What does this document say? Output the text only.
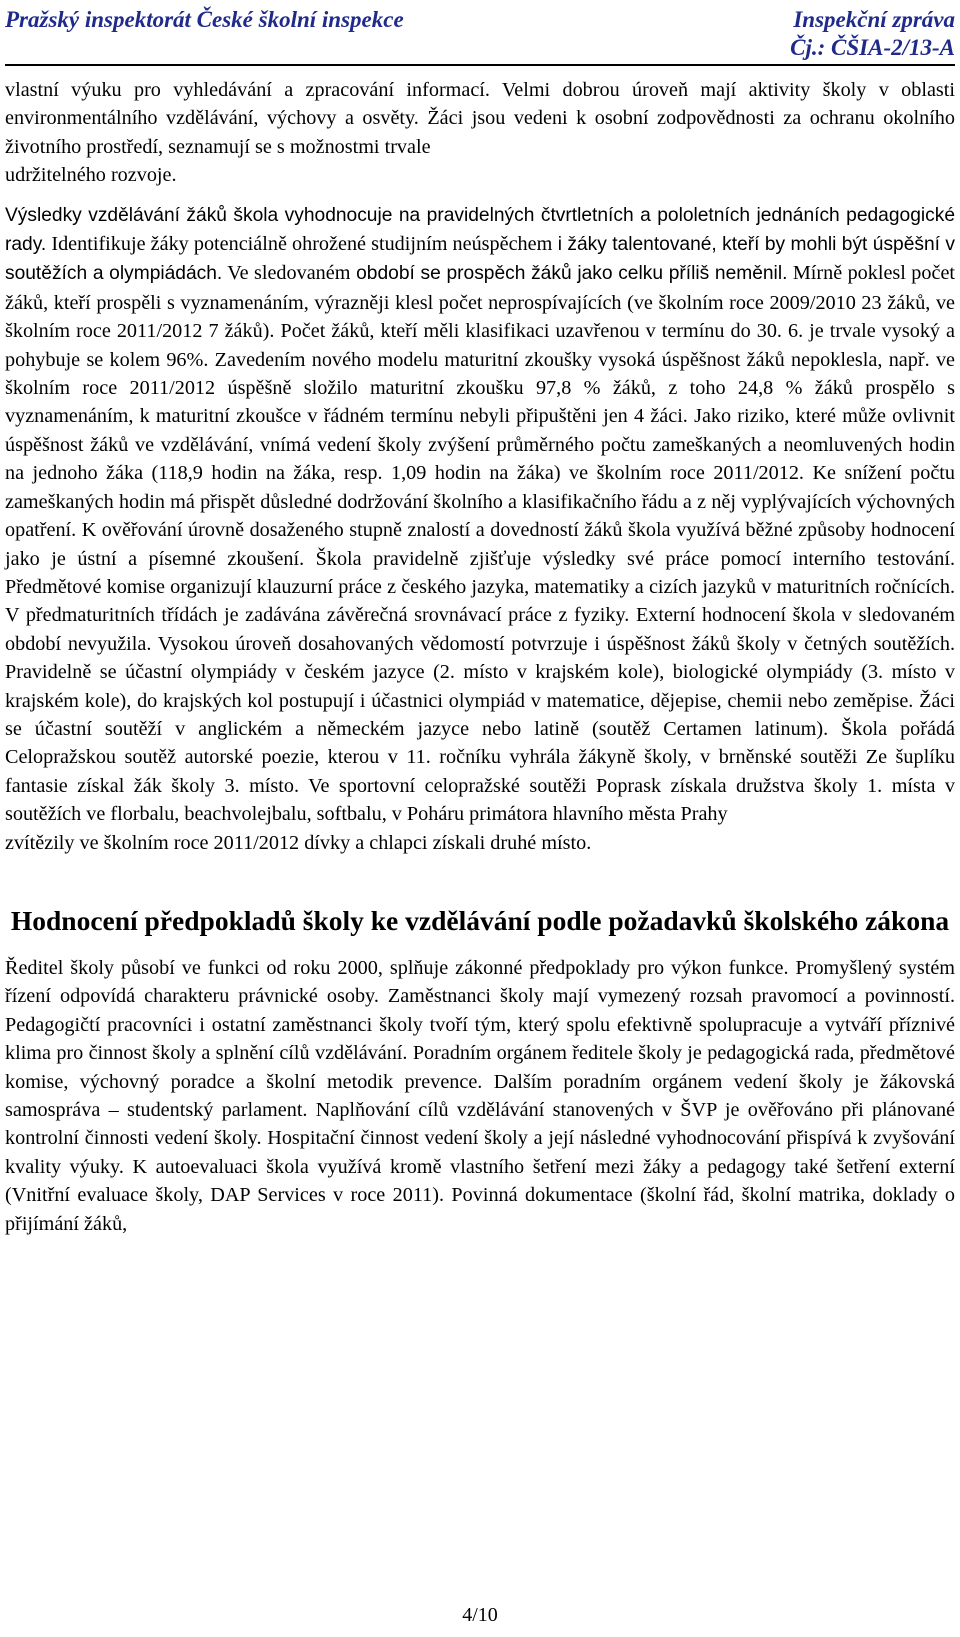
Pražský inspektorát České školní inspekce	Inspekční zpráva
Čj.: ČŠIA-2/13-A

vlastní výuku pro vyhledávání a zpracování informací. Velmi dobrou úroveň mají aktivity školy v oblasti environmentálního vzdělávání, výchovy a osvěty. Žáci jsou vedeni k osobní zodpovědnosti za ochranu okolního životního prostředí, seznamují se s možnostmi trvale
udržitelného rozvoje.

Výsledky vzdělávání žáků škola vyhodnocuje na pravidelných čtvrtletních a pololetních jednáních pedagogické rady. Identifikuje žáky potenciálně ohrožené studijním neúspěchem i žáky talentované, kteří by mohli být úspěšní v soutěžích a olympiádách. Ve sledovaném období se prospěch žáků jako celku příliš neměnil. Mírně poklesl počet žáků, kteří prospěli s vyznamenáním, výrazněji klesl počet neprospívajících (ve školním roce 2009/2010 23 žáků, ve školním roce 2011/2012 7 žáků). Počet žáků, kteří měli klasifikaci uzavřenou v termínu do 30. 6. je trvale vysoký a pohybuje se kolem 96%. Zavedením nového modelu maturitní zkoušky vysoká úspěšnost žáků nepoklesla, např. ve školním roce 2011/2012 úspěšně složilo maturitní zkoušku 97,8 % žáků, z toho 24,8 % žáků prospělo s vyznamenáním, k maturitní zkoušce v řádném termínu nebyli připuštěni jen 4 žáci. Jako riziko, které může ovlivnit úspěšnost žáků ve vzdělávání, vnímá vedení školy zvýšení průměrného počtu zameškaných a neomluvených hodin na jednoho žáka (118,9 hodin na žáka, resp. 1,09 hodin na žáka) ve školním roce 2011/2012. Ke snížení počtu zameškaných hodin má přispět důsledné dodržování školního a klasifikačního řádu a z něj vyplývajících výchovných opatření. K ověřování úrovně dosaženého stupně znalostí a dovedností žáků škola využívá běžné způsoby hodnocení jako je ústní a písemné zkoušení. Škola pravidelně zjišťuje výsledky své práce pomocí interního testování. Předmětové komise organizují klauzurní práce z českého jazyka, matematiky a cizích jazyků v maturitních ročnících. V předmaturitních třídách je zadávána závěrečná srovnávací práce z fyziky. Externí hodnocení škola v sledovaném období nevyužila. Vysokou úroveň dosahovaných vědomostí potvrzuje i úspěšnost žáků školy v četných soutěžích. Pravidelně se účastní olympiády v českém jazyce (2. místo v krajském kole), biologické olympiády (3. místo v krajském kole), do krajských kol postupují i účastnici olympiád v matematice, dějepise, chemii nebo zeměpise. Žáci se účastní soutěží v anglickém a německém jazyce nebo latině (soutěž Certamen latinum). Škola pořádá Celopražskou soutěž autorské poezie, kterou v 11. ročníku vyhrála žákyně školy, v brněnské soutěži Ze šuplíku fantasie získal žák školy 3. místo. Ve sportovní celopražské soutěži Poprask získala družstva školy 1. místa v soutěžích ve florbalu, beachvolejbalu, softbalu, v Poháru primátora hlavního města Prahy
zvítězily ve školním roce 2011/2012 dívky a chlapci získali druhé místo.

Hodnocení předpokladů školy ke vzdělávání podle požadavků školského zákona

Ředitel školy působí ve funkci od roku 2000, splňuje zákonné předpoklady pro výkon funkce. Promyšlený systém řízení odpovídá charakteru právnické osoby. Zaměstnanci školy mají vymezený rozsah pravomocí a povinností. Pedagogičtí pracovníci i ostatní zaměstnanci školy tvoří tým, který spolu efektivně spolupracuje a vytváří příznivé klima pro činnost školy a splnění cílů vzdělávání. Poradním orgánem ředitele školy je pedagogická rada, předmětové komise, výchovný poradce a školní metodik prevence. Dalším poradním orgánem vedení školy je žákovská samospráva – studentský parlament. Naplňování cílů vzdělávání stanovených v ŠVP je ověřováno při plánované kontrolní činnosti vedení školy. Hospitační činnost vedení školy a její následné vyhodnocování přispívá k zvyšování kvality výuky. K autoevaluaci škola využívá kromě vlastního šetření mezi žáky a pedagogy také šetření externí (Vnitřní evaluace školy, DAP Services v roce 2011). Povinná dokumentace (školní řád, školní matrika, doklady o přijímání žáků,

4/10
